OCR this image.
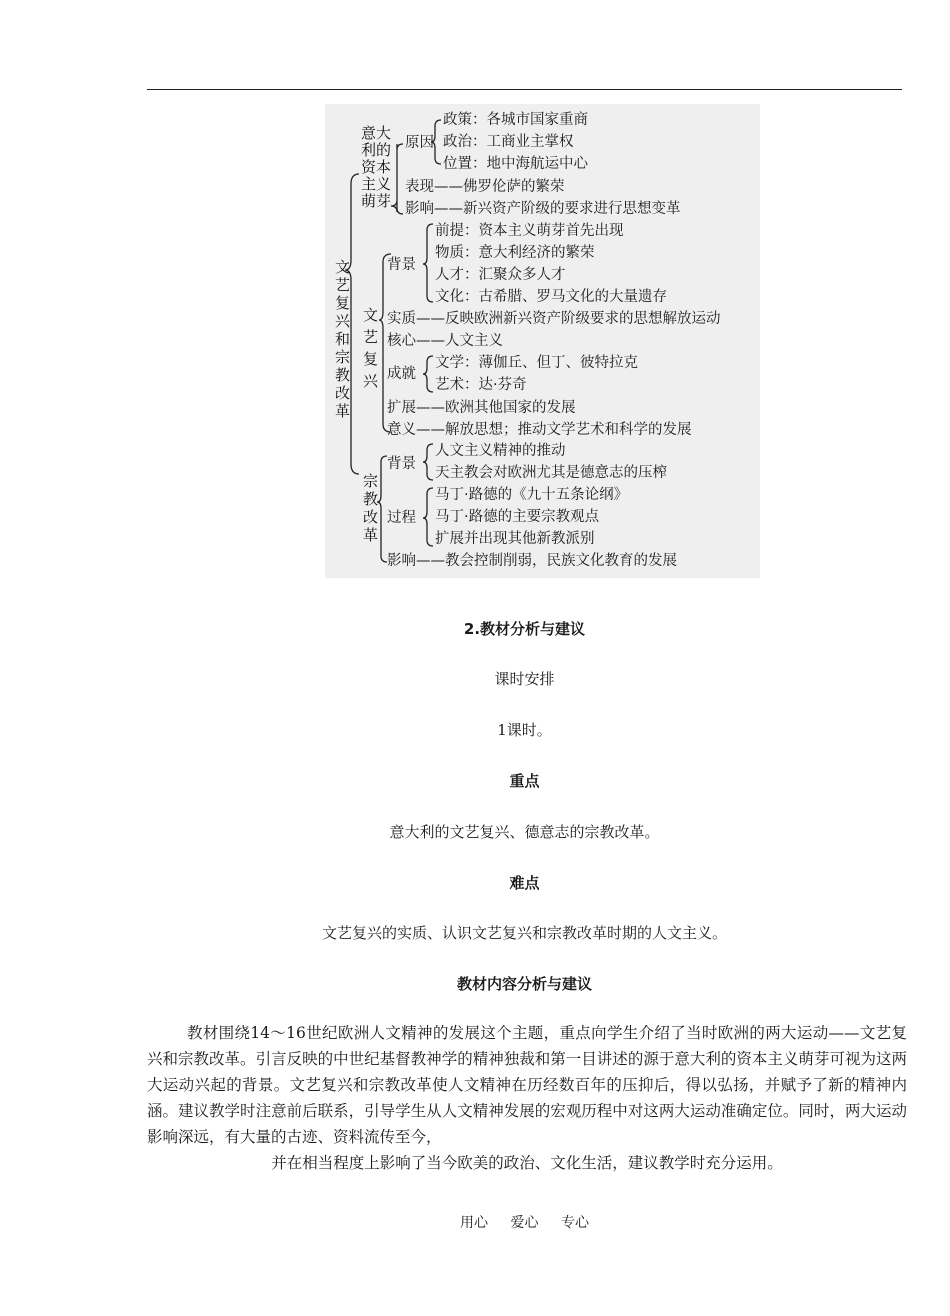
文艺复兴和宗教改革
意大利的资本主义萌芽
原因
政策：各城市国家重商
政治：工商业主掌权
位置：地中海航运中心
表现——佛罗伦萨的繁荣
影响——新兴资产阶级的要求进行思想变革
文艺复兴
背景
前提：资本主义萌芽首先出现
物质：意大利经济的繁荣
人才：汇聚众多人才
文化：古希腊、罗马文化的大量遗存
实质——反映欧洲新兴资产阶级要求的思想解放运动
核心——人文主义
成就
文学：薄伽丘、但丁、彼特拉克
艺术：达·芬奇
扩展——欧洲其他国家的发展
意义——解放思想；推动文学艺术和科学的发展
宗教改革
背景
人文主义精神的推动
天主教会对欧洲尤其是德意志的压榨
过程
马丁·路德的《九十五条论纲》
马丁·路德的主要宗教观点
扩展并出现其他新教派别
影响——教会控制削弱，民族文化教育的发展
2.教材分析与建议
课时安排
1课时。
重点
意大利的文艺复兴、德意志的宗教改革。
难点
文艺复兴的实质、认识文艺复兴和宗教改革时期的人文主义。
教材内容分析与建议

教材围绕14～16世纪欧洲人文精神的发展这个主题，重点向学生介绍了当时欧洲的两大运动——文艺复兴和宗教改革。引言反映的中世纪基督教神学的精神独裁和第一目讲述的源于意大利的资本主义萌芽可视为这两大运动兴起的背景。文艺复兴和宗教改革使人文精神在历经数百年的压抑后，得以弘扬，并赋予了新的精神内涵。建议教学时注意前后联系，引导学生从人文精神发展的宏观历程中对这两大运动准确定位。同时，两大运动影响深远，有大量的古迹、资料流传至今，

并在相当程度上影响了当今欧美的政治、文化生活，建议教学时充分运用。

用心 爱心 专心
